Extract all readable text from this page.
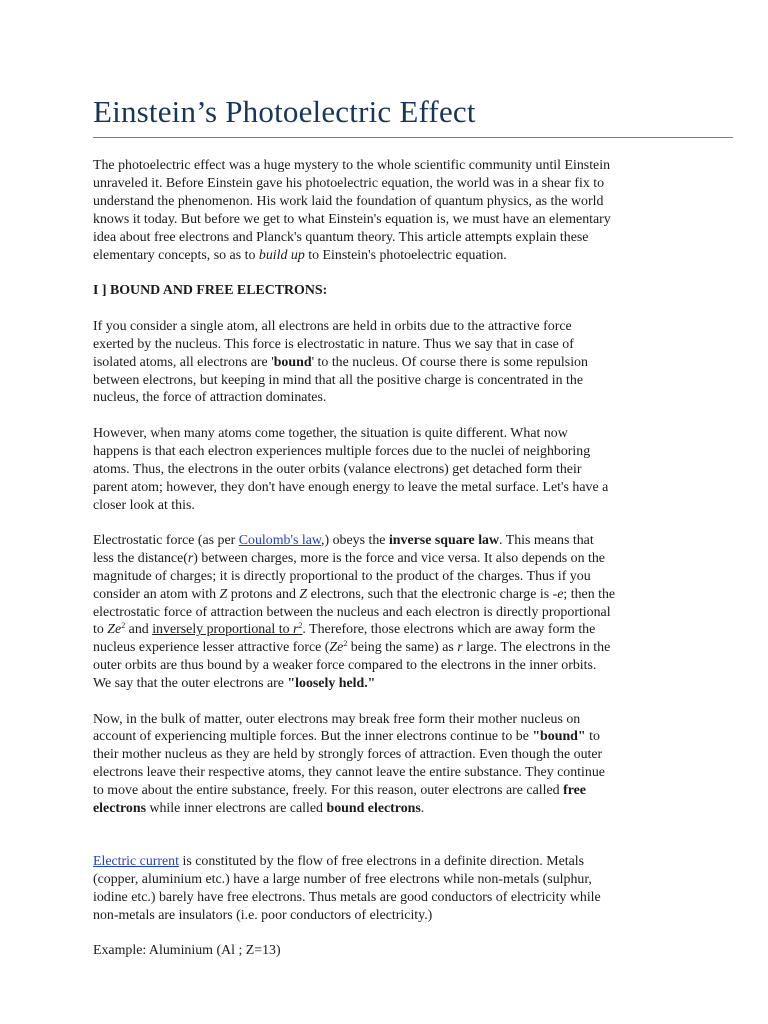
Einstein’s Photoelectric Effect

The photoelectric effect was a huge mystery to the whole scientific community until Einstein
unraveled it. Before Einstein gave his photoelectric equation, the world was in a shear fix to
understand the phenomenon. His work laid the foundation of quantum physics, as the world
knows it today. But before we get to what Einstein's equation is, we must have an elementary
idea about free electrons and Planck's quantum theory. This article attempts explain these
elementary concepts, so as to build up to Einstein's photoelectric equation.

I ] BOUND AND FREE ELECTRONS:

If you consider a single atom, all electrons are held in orbits due to the attractive force
exerted by the nucleus. This force is electrostatic in nature. Thus we say that in case of
isolated atoms, all electrons are 'bound' to the nucleus. Of course there is some repulsion
between electrons, but keeping in mind that all the positive charge is concentrated in the
nucleus, the force of attraction dominates.

However, when many atoms come together, the situation is quite different. What now
happens is that each electron experiences multiple forces due to the nuclei of neighboring
atoms. Thus, the electrons in the outer orbits (valance electrons) get detached form their
parent atom; however, they don't have enough energy to leave the metal surface. Let's have a
closer look at this.

Electrostatic force (as per Coulomb's law,) obeys the inverse square law. This means that
less the distance(r) between charges, more is the force and vice versa. It also depends on the
magnitude of charges; it is directly proportional to the product of the charges. Thus if you
consider an atom with Z protons and Z electrons, such that the electronic charge is -e; then the
electrostatic force of attraction between the nucleus and each electron is directly proportional
to Ze$^2$ and inversely proportional to $r^2$. Therefore, those electrons which are away form the
nucleus experience lesser attractive force (Ze$^2$ being the same) as r large. The electrons in the
outer orbits are thus bound by a weaker force compared to the electrons in the inner orbits.
We say that the outer electrons are "loosely held."

Now, in the bulk of matter, outer electrons may break free form their mother nucleus on
account of experiencing multiple forces. But the inner electrons continue to be "bound" to
their mother nucleus as they are held by strongly forces of attraction. Even though the outer
electrons leave their respective atoms, they cannot leave the entire substance. They continue
to move about the entire substance, freely. For this reason, outer electrons are called free
electrons while inner electrons are called bound electrons.

Electric current is constituted by the flow of free electrons in a definite direction. Metals
(copper, aluminium etc.) have a large number of free electrons while non-metals (sulphur,
iodine etc.) barely have free electrons. Thus metals are good conductors of electricity while
non-metals are insulators (i.e. poor conductors of electricity.)

Example: Aluminium (Al ; Z=13)
